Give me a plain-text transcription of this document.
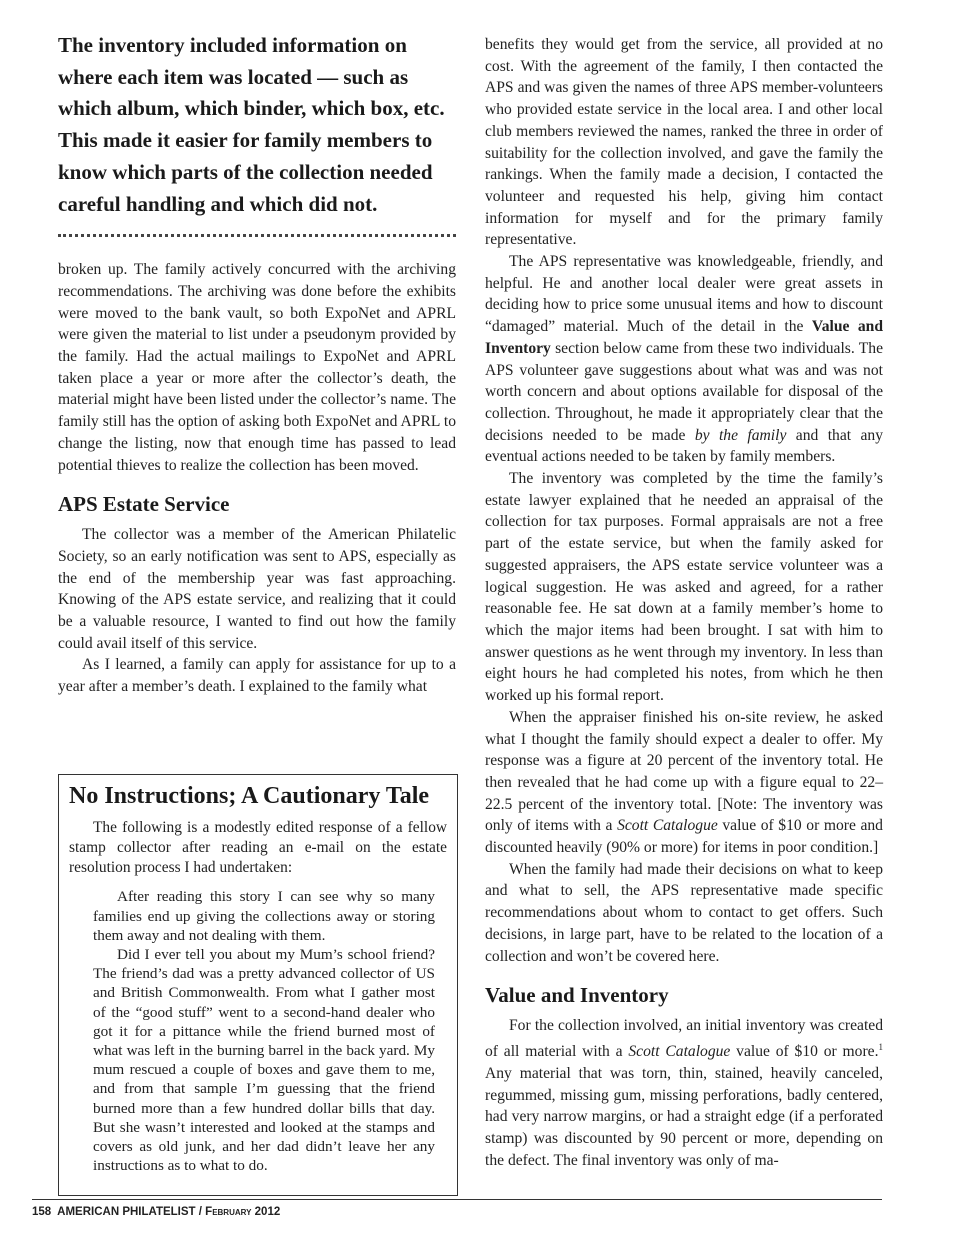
The inventory included information on where each item was located — such as which album, which binder, which box, etc. This made it easier for family members to know which parts of the collection needed careful handling and which did not.

broken up. The family actively concurred with the archiving recommendations. The archiving was done before the exhibits were moved to the bank vault, so both ExpoNet and APRL were given the material to list under a pseudonym provided by the family. Had the actual mailings to ExpoNet and APRL taken place a year or more after the collector’s death, the material might have been listed under the collector’s name. The family still has the option of asking both ExpoNet and APRL to change the listing, now that enough time has passed to lead potential thieves to realize the collection has been moved.

APS Estate Service

The collector was a member of the American Philatelic Society, so an early notification was sent to APS, especially as the end of the membership year was fast approaching. Knowing of the APS estate service, and realizing that it could be a valuable resource, I wanted to find out how the family could avail itself of this service.

As I learned, a family can apply for assistance for up to a year after a member’s death. I explained to the family what

No Instructions; A Cautionary Tale

The following is a modestly edited response of a fellow stamp collector after reading an e-mail on the estate resolution process I had undertaken:

After reading this story I can see why so many families end up giving the collections away or storing them away and not dealing with them.

Did I ever tell you about my Mum’s school friend? The friend’s dad was a pretty advanced collector of US and British Commonwealth. From what I gather most of the “good stuff” went to a second-hand dealer who got it for a pittance while the friend burned most of what was left in the burning barrel in the back yard. My mum rescued a couple of boxes and gave them to me, and from that sample I’m guessing that the friend burned more than a few hundred dollar bills that day. But she wasn’t interested and looked at the stamps and covers as old junk, and her dad didn’t leave her any instructions as to what to do.

benefits they would get from the service, all provided at no cost. With the agreement of the family, I then contacted the APS and was given the names of three APS member-volunteers who provided estate service in the local area. I and other local club members reviewed the names, ranked the three in order of suitability for the collection involved, and gave the family the rankings. When the family made a decision, I contacted the volunteer and requested his help, giving him contact information for myself and for the primary family representative.

The APS representative was knowledgeable, friendly, and helpful. He and another local dealer were great assets in deciding how to price some unusual items and how to discount “damaged” material. Much of the detail in the Value and Inventory section below came from these two individuals. The APS volunteer gave suggestions about what was and was not worth concern and about options available for disposal of the collection. Throughout, he made it appropriately clear that the decisions needed to be made by the family and that any eventual actions needed to be taken by family members.

The inventory was completed by the time the family’s estate lawyer explained that he needed an appraisal of the collection for tax purposes. Formal appraisals are not a free part of the estate service, but when the family asked for suggested appraisers, the APS estate service volunteer was a logical suggestion. He was asked and agreed, for a rather reasonable fee. He sat down at a family member’s home to which the major items had been brought. I sat with him to answer questions as he went through my inventory. In less than eight hours he had completed his notes, from which he then worked up his formal report.

When the appraiser finished his on-site review, he asked what I thought the family should expect a dealer to offer. My response was a figure at 20 percent of the inventory total. He then revealed that he had come up with a figure equal to 22–22.5 percent of the inventory total. [Note: The inventory was only of items with a Scott Catalogue value of $10 or more and discounted heavily (90% or more) for items in poor condition.]

When the family had made their decisions on what to keep and what to sell, the APS representative made specific recommendations about whom to contact to get offers. Such decisions, in large part, have to be related to the location of a collection and won’t be covered here.

Value and Inventory

For the collection involved, an initial inventory was created of all material with a Scott Catalogue value of $10 or more.$^1$ Any material that was torn, thin, stained, heavily canceled, regummed, missing gum, missing perforations, badly centered, had very narrow margins, or had a straight edge (if a perforated stamp) was discounted by 90 percent or more, depending on the defect. The final inventory was only of ma-

158 AMERICAN PHILATELIST / February 2012
